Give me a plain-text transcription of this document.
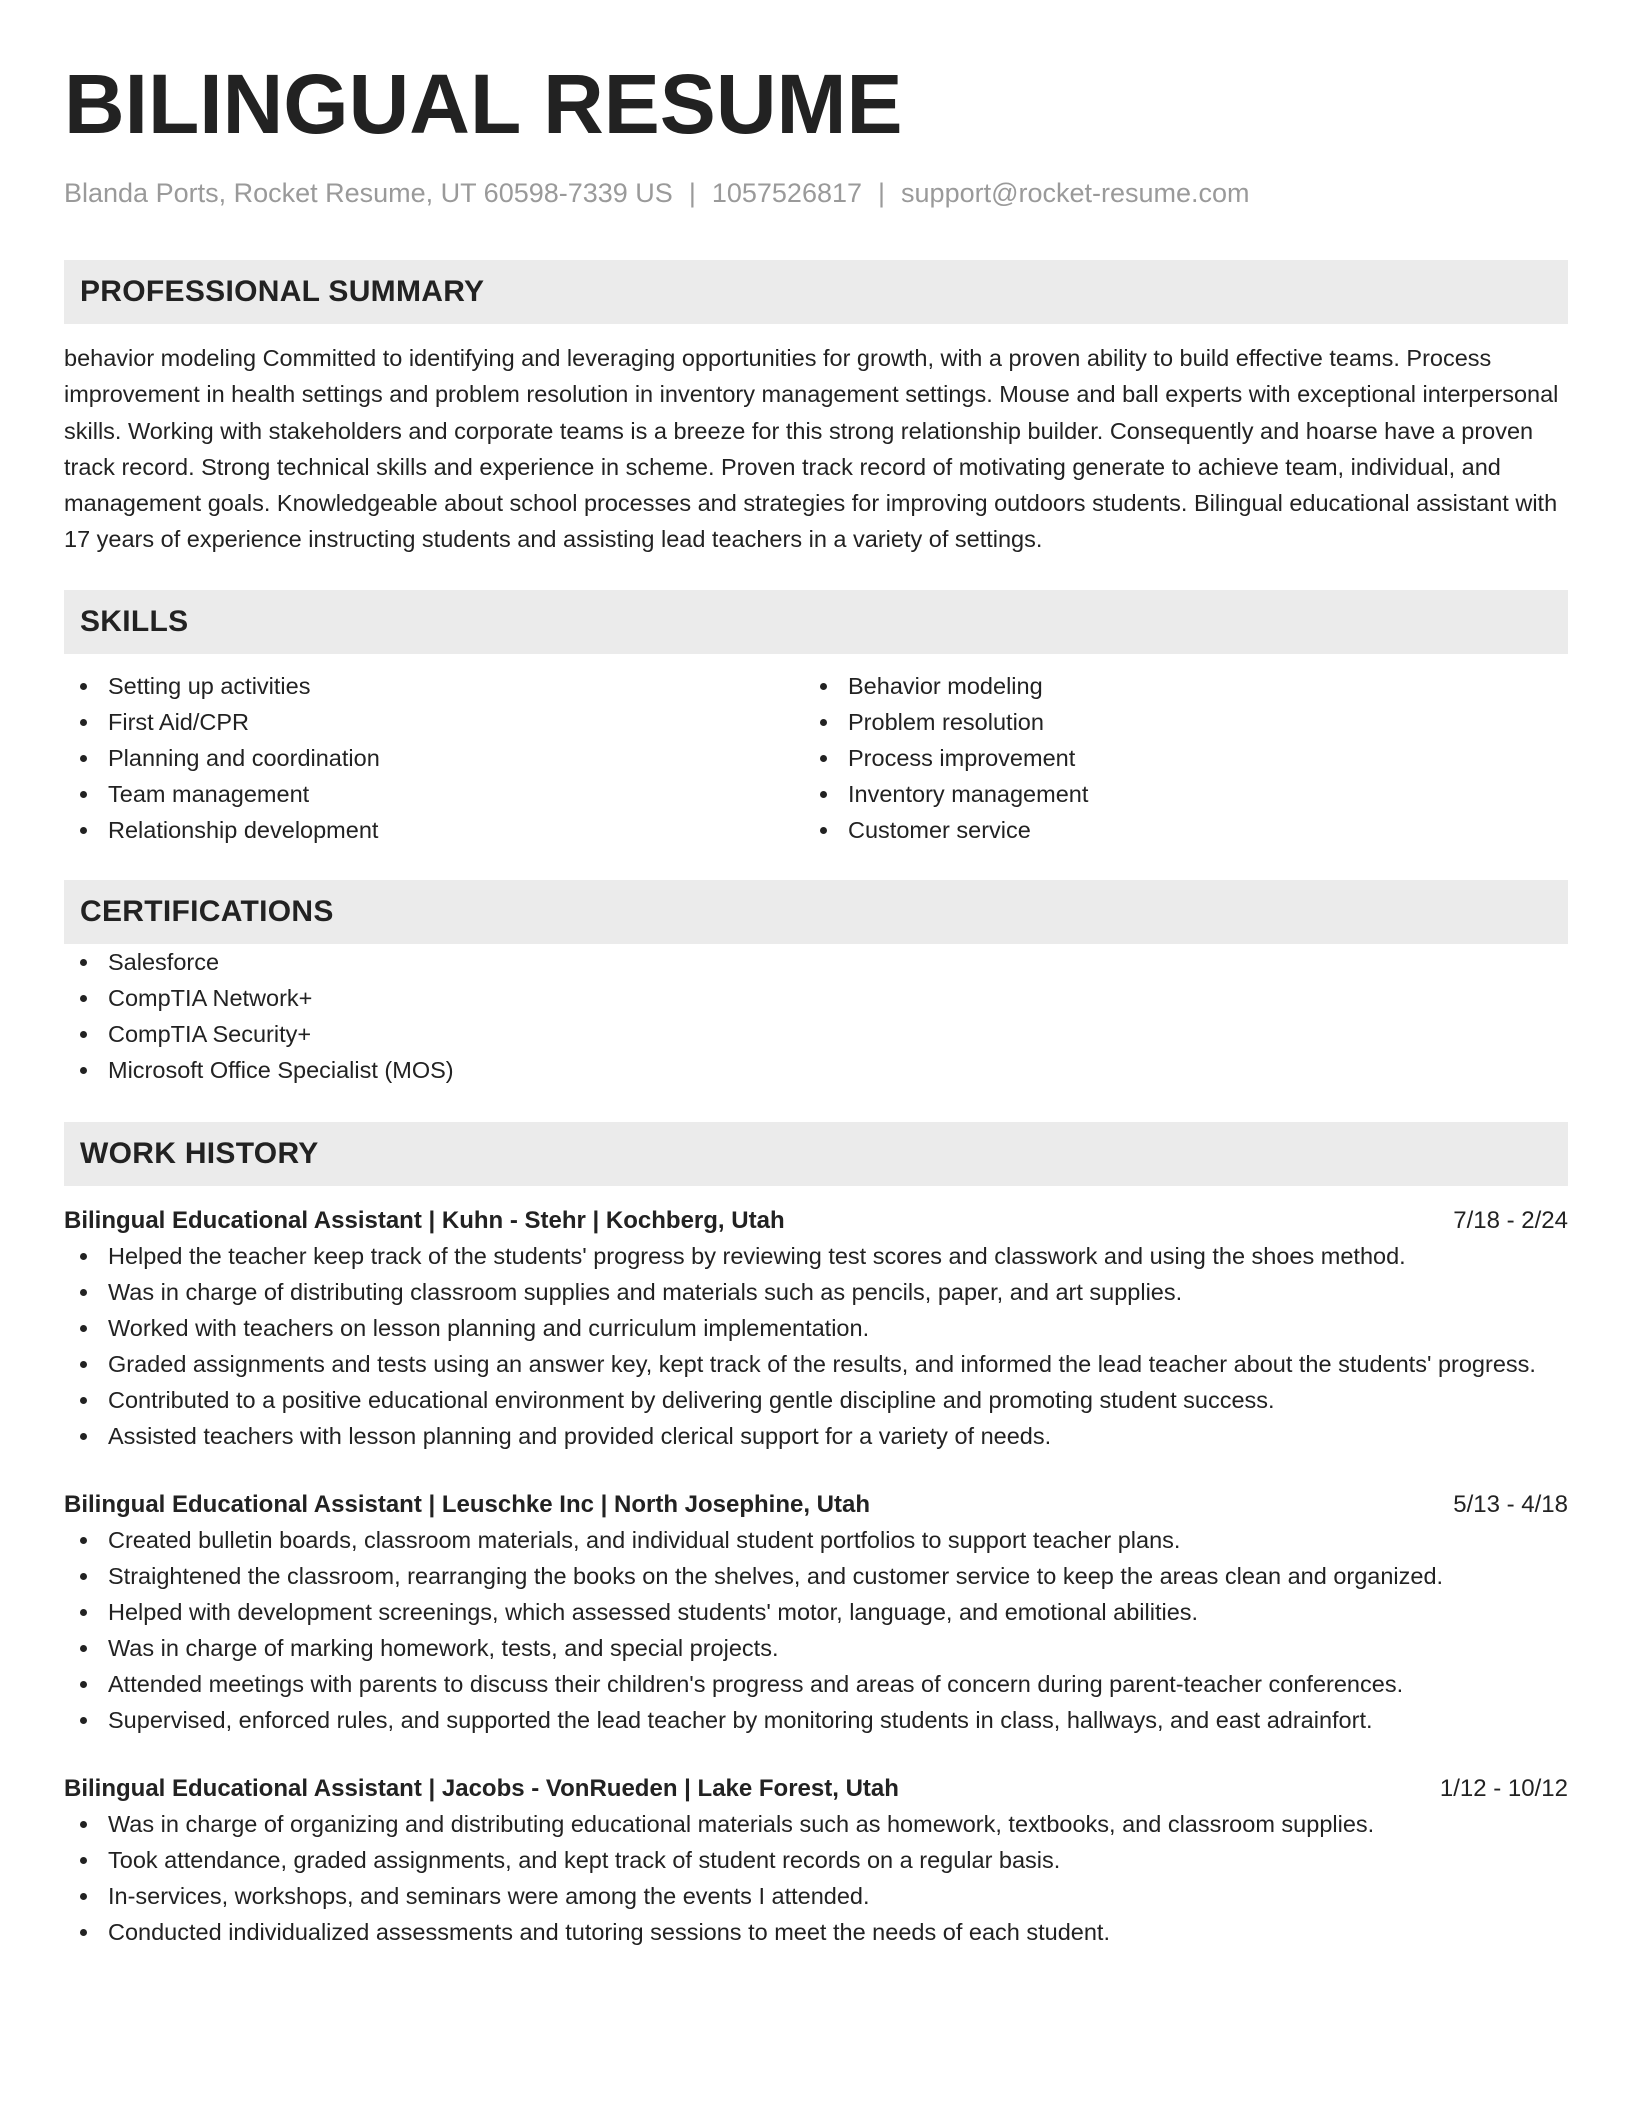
BILINGUAL RESUME
Blanda Ports, Rocket Resume, UT 60598-7339 US | 1057526817 | support@rocket-resume.com
PROFESSIONAL SUMMARY

behavior modeling Committed to identifying and leveraging opportunities for growth, with a proven ability to build effective teams. Process improvement in health settings and problem resolution in inventory management settings. Mouse and ball experts with exceptional interpersonal skills. Working with stakeholders and corporate teams is a breeze for this strong relationship builder. Consequently and hoarse have a proven track record. Strong technical skills and experience in scheme. Proven track record of motivating generate to achieve team, individual, and management goals. Knowledgeable about school processes and strategies for improving outdoors students. Bilingual educational assistant with 17 years of experience instructing students and assisting lead teachers in a variety of settings.

SKILLS
Setting up activities
First Aid/CPR
Planning and coordination
Team management
Relationship development
Behavior modeling
Problem resolution
Process improvement
Inventory management
Customer service
CERTIFICATIONS
Salesforce
CompTIA Network+
CompTIA Security+
Microsoft Office Specialist (MOS)
WORK HISTORY
Bilingual Educational Assistant | Kuhn - Stehr | Kochberg, Utah	7/18 - 2/24
Helped the teacher keep track of the students' progress by reviewing test scores and classwork and using the shoes method.
Was in charge of distributing classroom supplies and materials such as pencils, paper, and art supplies.
Worked with teachers on lesson planning and curriculum implementation.
Graded assignments and tests using an answer key, kept track of the results, and informed the lead teacher about the students' progress.
Contributed to a positive educational environment by delivering gentle discipline and promoting student success.
Assisted teachers with lesson planning and provided clerical support for a variety of needs.
Bilingual Educational Assistant | Leuschke Inc | North Josephine, Utah	5/13 - 4/18
Created bulletin boards, classroom materials, and individual student portfolios to support teacher plans.
Straightened the classroom, rearranging the books on the shelves, and customer service to keep the areas clean and organized.
Helped with development screenings, which assessed students' motor, language, and emotional abilities.
Was in charge of marking homework, tests, and special projects.
Attended meetings with parents to discuss their children's progress and areas of concern during parent-teacher conferences.
Supervised, enforced rules, and supported the lead teacher by monitoring students in class, hallways, and east adrainfort.
Bilingual Educational Assistant | Jacobs - VonRueden | Lake Forest, Utah	1/12 - 10/12
Was in charge of organizing and distributing educational materials such as homework, textbooks, and classroom supplies.
Took attendance, graded assignments, and kept track of student records on a regular basis.
In-services, workshops, and seminars were among the events I attended.
Conducted individualized assessments and tutoring sessions to meet the needs of each student.
